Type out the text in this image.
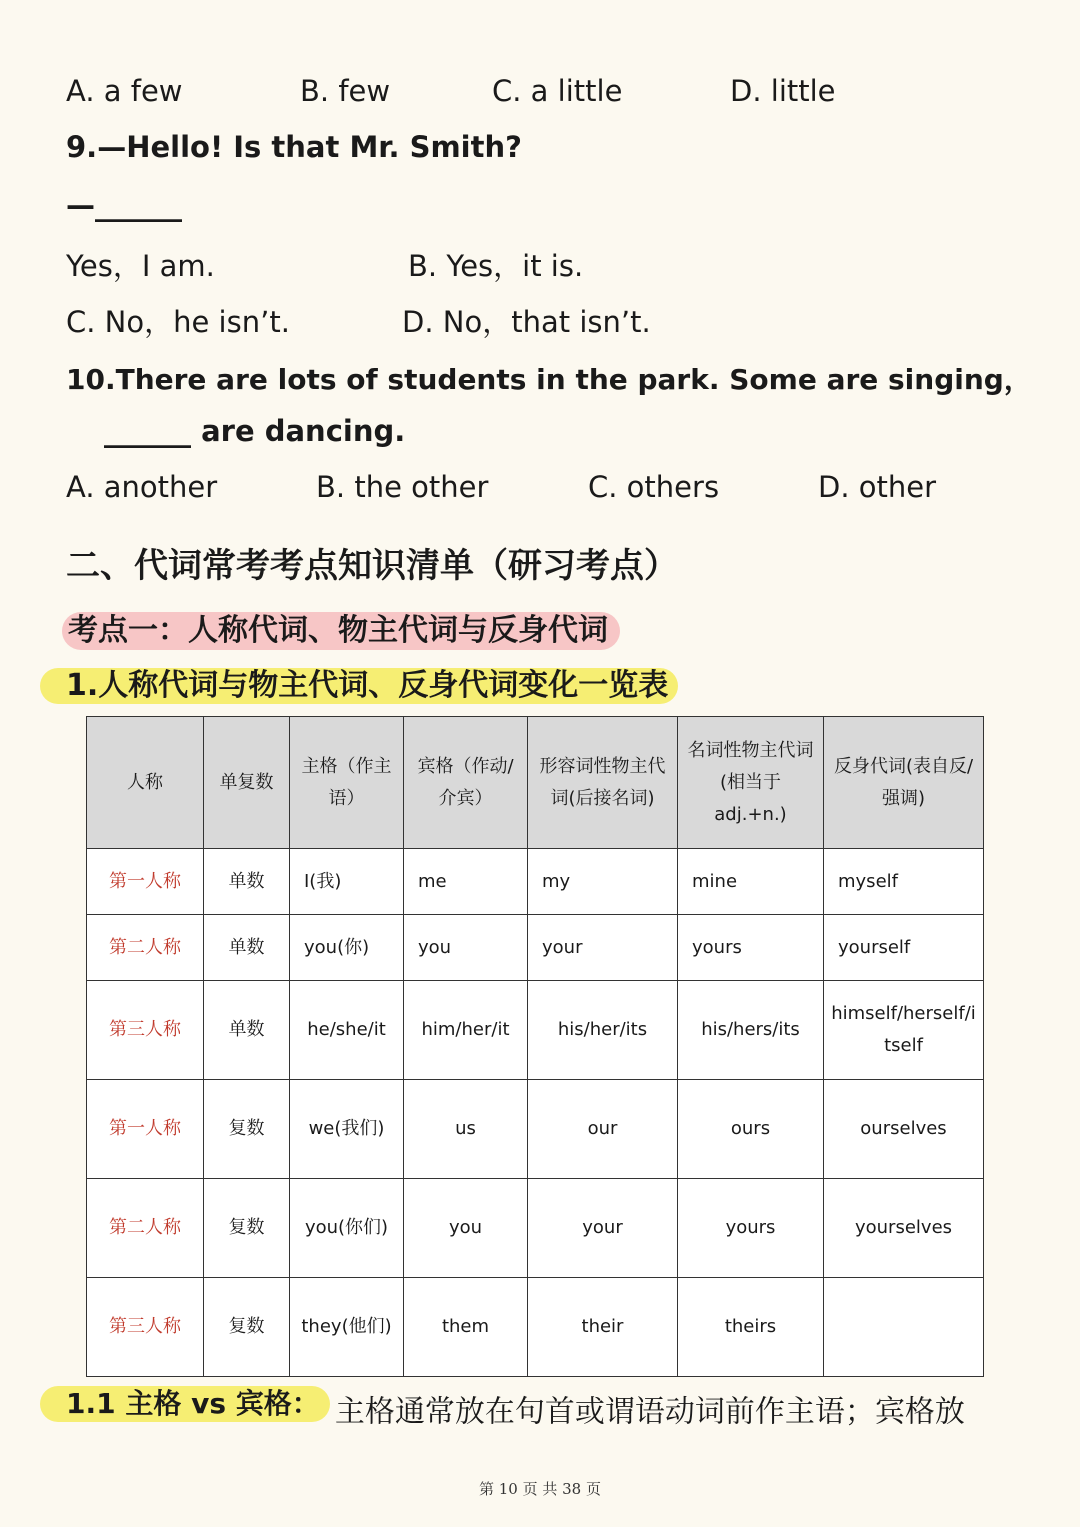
A. a few	B. few	C. a little	D. little
9.—Hello! Is that Mr. Smith?
—______
Yes，I am.	B. Yes，it is.
C. No，he isn’t.	D. No，that isn’t.
10.There are lots of students in the park. Some are singing，
______ are dancing.
A. another	B. the other	C. others	D. other
二、代词常考考点知识清单（研习考点）
考点一：人称代词、物主代词与反身代词
1.人称代词与物主代词、反身代词变化一览表
人称	单复数	主格（作主语）	宾格（作动/介宾）	形容词性物主代词(后接名词)	名词性物主代词(相当于adj.+n.)	反身代词(表自反/强调)
第一人称	单数	I(我)	me	my	mine	myself
第二人称	单数	you(你)	you	your	yours	yourself
第三人称	单数	he/she/it	him/her/it	his/her/its	his/hers/its	himself/herself/itself
第一人称	复数	we(我们)	us	our	ours	ourselves
第二人称	复数	you(你们)	you	your	yours	yourselves
第三人称	复数	they(他们)	them	their	theirs	
1.1 主格 vs 宾格： 主格通常放在句首或谓语动词前作主语；宾格放
第 10 页 共 38 页
